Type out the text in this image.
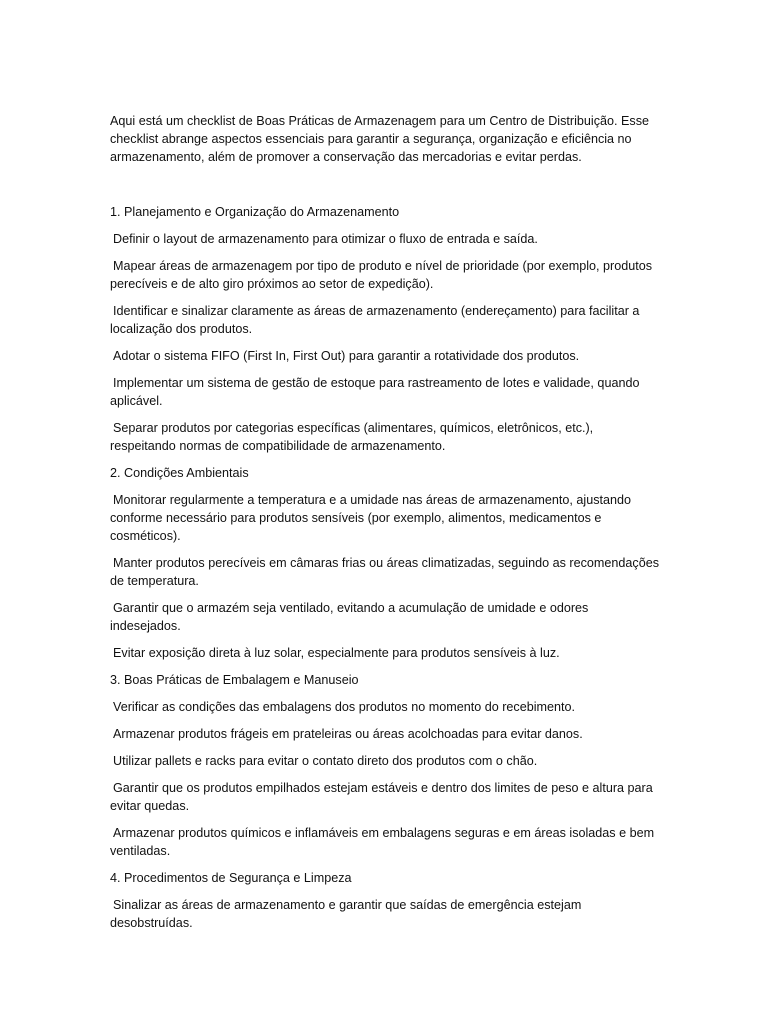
Aqui está um checklist de Boas Práticas de Armazenagem para um Centro de Distribuição. Esse checklist abrange aspectos essenciais para garantir a segurança, organização e eficiência no armazenamento, além de promover a conservação das mercadorias e evitar perdas.

1. Planejamento e Organização do Armazenamento

Definir o layout de armazenamento para otimizar o fluxo de entrada e saída.

Mapear áreas de armazenagem por tipo de produto e nível de prioridade (por exemplo, produtos perecíveis e de alto giro próximos ao setor de expedição).

Identificar e sinalizar claramente as áreas de armazenamento (endereçamento) para facilitar a localização dos produtos.

Adotar o sistema FIFO (First In, First Out) para garantir a rotatividade dos produtos.

Implementar um sistema de gestão de estoque para rastreamento de lotes e validade, quando aplicável.

Separar produtos por categorias específicas (alimentares, químicos, eletrônicos, etc.), respeitando normas de compatibilidade de armazenamento.

2. Condições Ambientais

Monitorar regularmente a temperatura e a umidade nas áreas de armazenamento, ajustando conforme necessário para produtos sensíveis (por exemplo, alimentos, medicamentos e cosméticos).

Manter produtos perecíveis em câmaras frias ou áreas climatizadas, seguindo as recomendações de temperatura.

Garantir que o armazém seja ventilado, evitando a acumulação de umidade e odores indesejados.

Evitar exposição direta à luz solar, especialmente para produtos sensíveis à luz.

3. Boas Práticas de Embalagem e Manuseio

Verificar as condições das embalagens dos produtos no momento do recebimento.

Armazenar produtos frágeis em prateleiras ou áreas acolchoadas para evitar danos.

Utilizar pallets e racks para evitar o contato direto dos produtos com o chão.

Garantir que os produtos empilhados estejam estáveis e dentro dos limites de peso e altura para evitar quedas.

Armazenar produtos químicos e inflamáveis em embalagens seguras e em áreas isoladas e bem ventiladas.

4. Procedimentos de Segurança e Limpeza

Sinalizar as áreas de armazenamento e garantir que saídas de emergência estejam desobstruídas.
